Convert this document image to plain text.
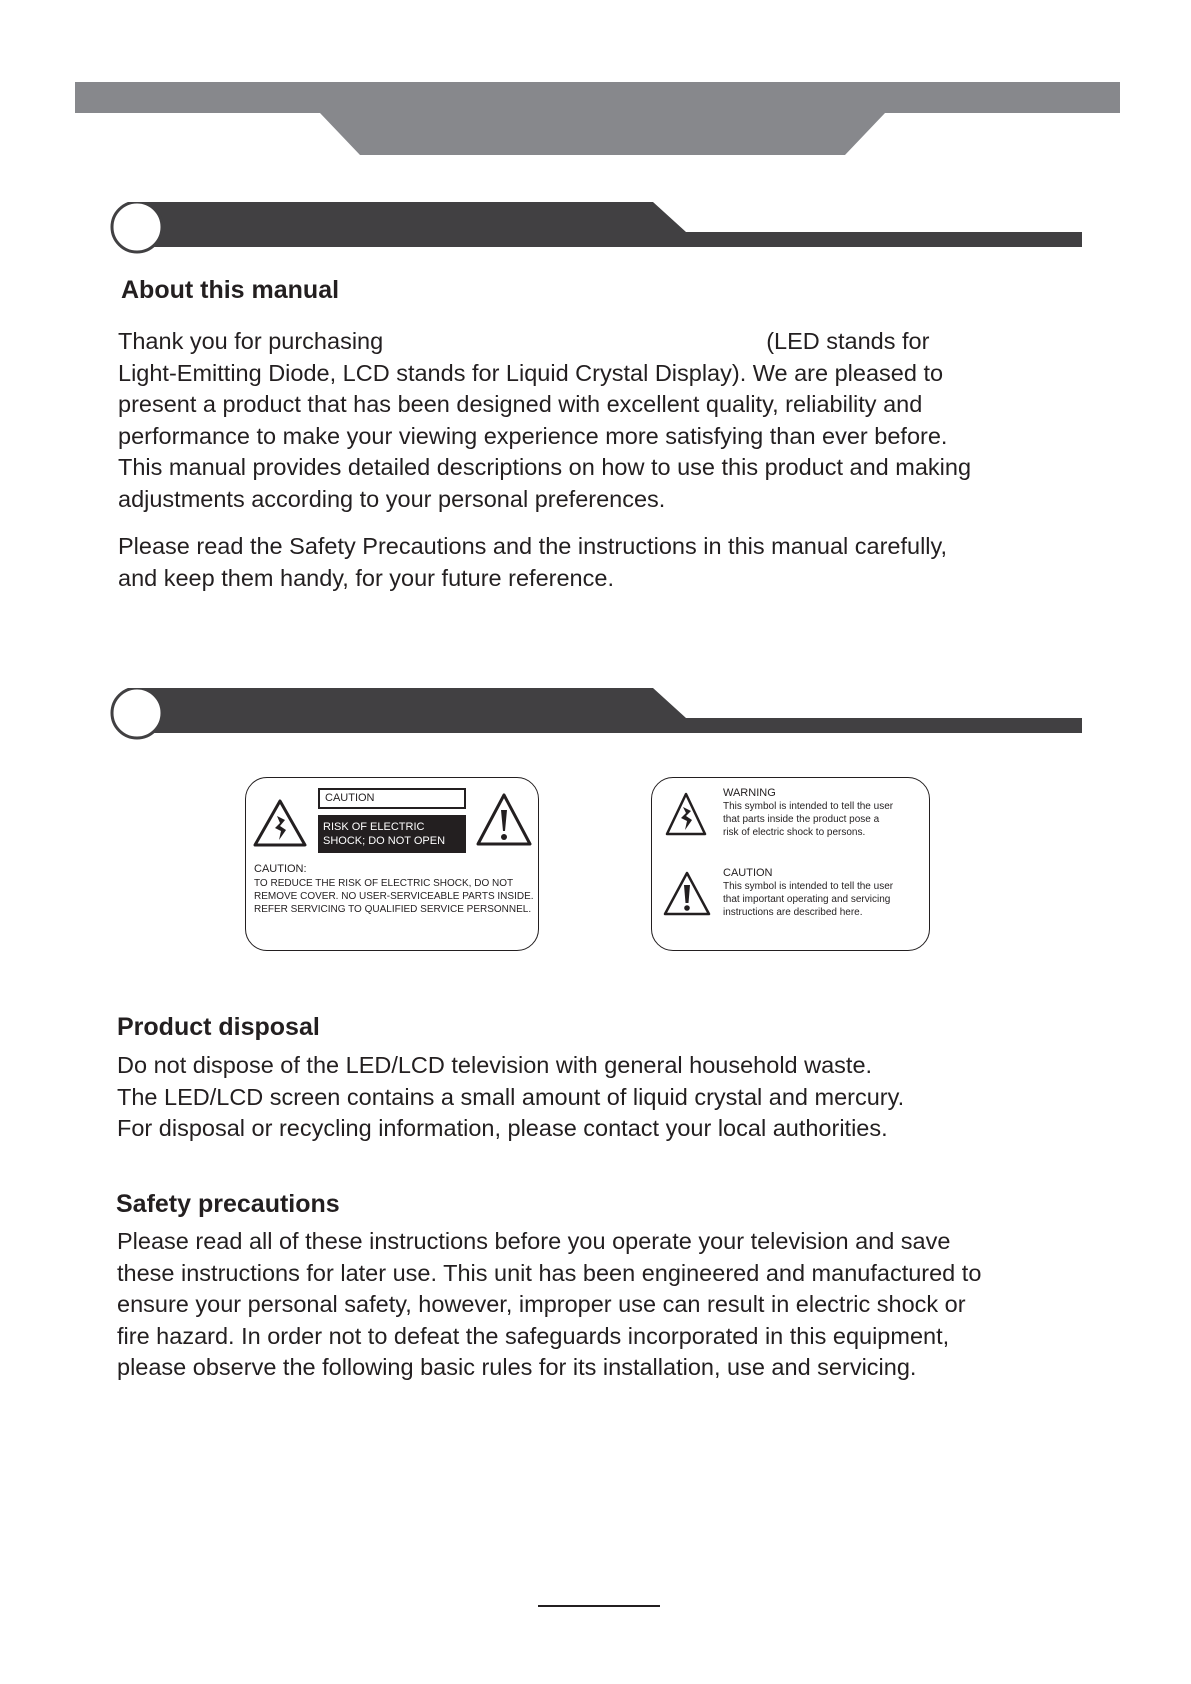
About this manual

Thank you for purchasing	(LED stands for
Light-Emitting Diode, LCD stands for Liquid Crystal Display). We are pleased to
present a product that has been designed with excellent quality, reliability and
performance to make your viewing experience more satisfying than ever before.
This manual provides detailed descriptions on how to use this product and making
adjustments according to your personal preferences.

Please read the Safety Precautions and the instructions in this manual carefully,
and keep them handy, for your future reference.

CAUTION
RISK OF ELECTRIC
SHOCK; DO NOT OPEN
CAUTION:
TO REDUCE THE RISK OF ELECTRIC SHOCK, DO NOT
REMOVE COVER. NO USER-SERVICEABLE PARTS INSIDE.
REFER SERVICING TO QUALIFIED SERVICE PERSONNEL.
WARNING
This symbol is intended to tell the user
that parts inside the product pose a
risk of electric shock to persons.
CAUTION
This symbol is intended to tell the user
that important operating and servicing
instructions are described here.
Product disposal

Do not dispose of the LED/LCD television with general household waste.
The LED/LCD screen contains a small amount of liquid crystal and mercury.
For disposal or recycling information, please contact your local authorities.

Safety precautions

Please read all of these instructions before you operate your television and save
these instructions for later use. This unit has been engineered and manufactured to
ensure your personal safety, however, improper use can result in electric shock or
fire hazard. In order not to defeat the safeguards incorporated in this equipment,
please observe the following basic rules for its installation, use and servicing.
